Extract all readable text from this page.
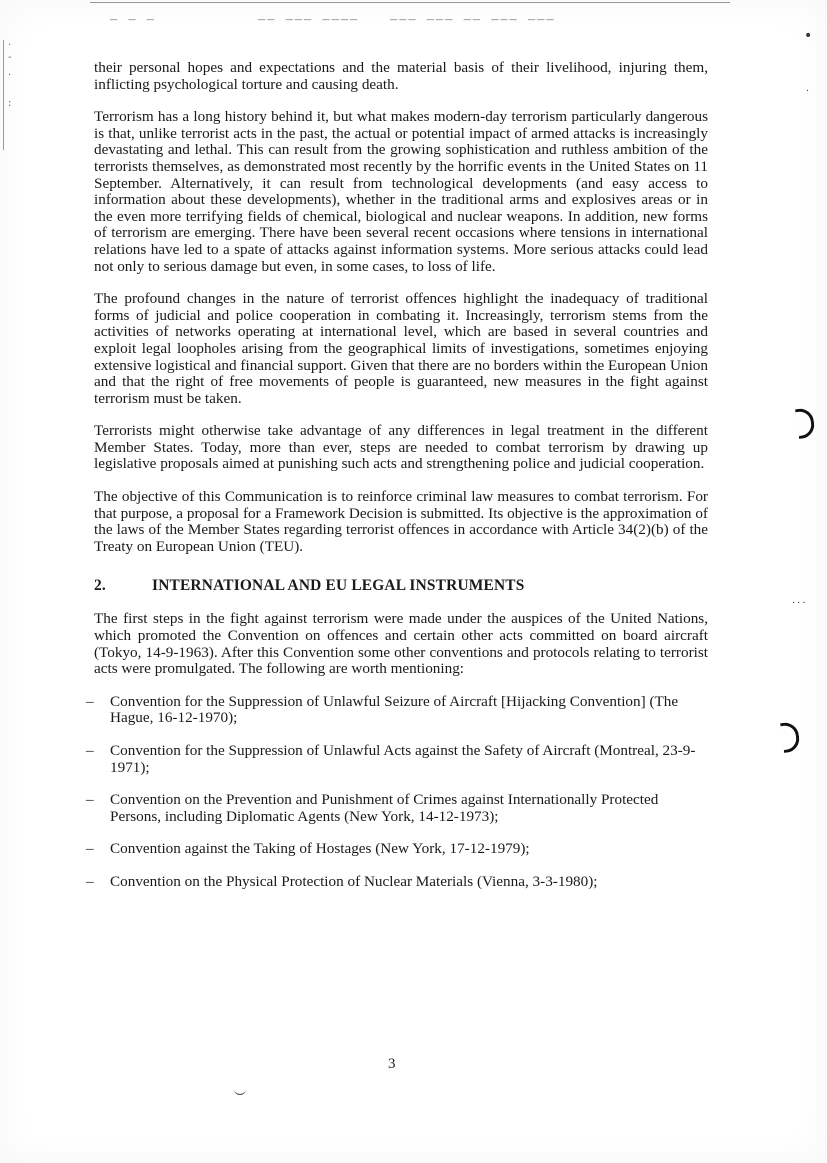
_ _ _	__ ___ ____	___ ___ __ ___ ___
·
-
·
:
•
·
···

their personal hopes and expectations and the material basis of their livelihood, injuring them, inflicting psychological torture and causing death.

Terrorism has a long history behind it, but what makes modern-day terrorism particularly dangerous is that, unlike terrorist acts in the past, the actual or potential impact of armed attacks is increasingly devastating and lethal. This can result from the growing sophistication and ruthless ambition of the terrorists themselves, as demonstrated most recently by the horrific events in the United States on 11 September. Alternatively, it can result from technological developments (and easy access to information about these developments), whether in the traditional arms and explosives areas or in the even more terrifying fields of chemical, biological and nuclear weapons. In addition, new forms of terrorism are emerging. There have been several recent occasions where tensions in international relations have led to a spate of attacks against information systems. More serious attacks could lead not only to serious damage but even, in some cases, to loss of life.

The profound changes in the nature of terrorist offences highlight the inadequacy of traditional forms of judicial and police cooperation in combating it. Increasingly, terrorism stems from the activities of networks operating at international level, which are based in several countries and exploit legal loopholes arising from the geographical limits of investigations, sometimes enjoying extensive logistical and financial support. Given that there are no borders within the European Union and that the right of free movements of people is guaranteed, new measures in the fight against terrorism must be taken.

Terrorists might otherwise take advantage of any differences in legal treatment in the different Member States. Today, more than ever, steps are needed to combat terrorism by drawing up legislative proposals aimed at punishing such acts and strengthening police and judicial cooperation.

The objective of this Communication is to reinforce criminal law measures to combat terrorism. For that purpose, a proposal for a Framework Decision is submitted. Its objective is the approximation of the laws of the Member States regarding terrorist offences in accordance with Article 34(2)(b) of the Treaty on European Union (TEU).

2.	INTERNATIONAL AND EU LEGAL INSTRUMENTS

The first steps in the fight against terrorism were made under the auspices of the United Nations, which promoted the Convention on offences and certain other acts committed on board aircraft (Tokyo, 14-9-1963). After this Convention some other conventions and protocols relating to terrorist acts were promulgated. The following are worth mentioning:

– Convention for the Suppression of Unlawful Seizure of Aircraft [Hijacking Convention] (The Hague, 16-12-1970);
– Convention for the Suppression of Unlawful Acts against the Safety of Aircraft (Montreal, 23-9-1971);
– Convention on the Prevention and Punishment of Crimes against Internationally Protected Persons, including Diplomatic Agents (New York, 14-12-1973);
– Convention against the Taking of Hostages (New York, 17-12-1979);
– Convention on the Physical Protection of Nuclear Materials (Vienna, 3-3-1980);
3
